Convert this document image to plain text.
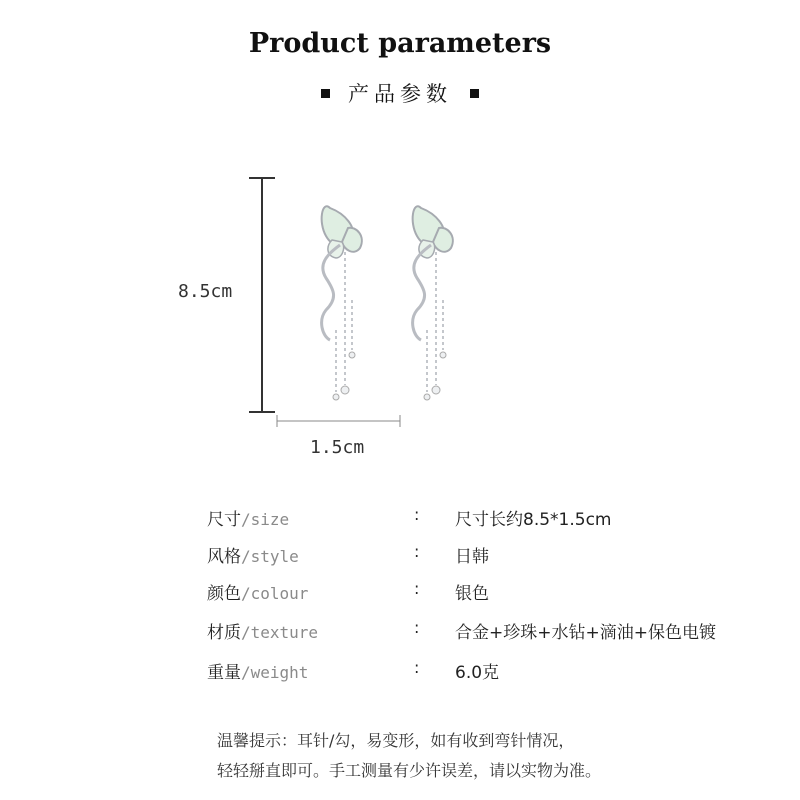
Product parameters
产品参数
8.5cm
1.5cm
尺寸/size	: 尺寸长约8.5*1.5cm
风格/style	: 日韩
颜色/colour	: 银色
材质/texture	: 合金+珍珠+水钻+滴油+保色电镀
重量/weight	: 6.0克
温馨提示：耳针/勾，易变形，如有收到弯针情况，
轻轻掰直即可。手工测量有少许误差，请以实物为准。
